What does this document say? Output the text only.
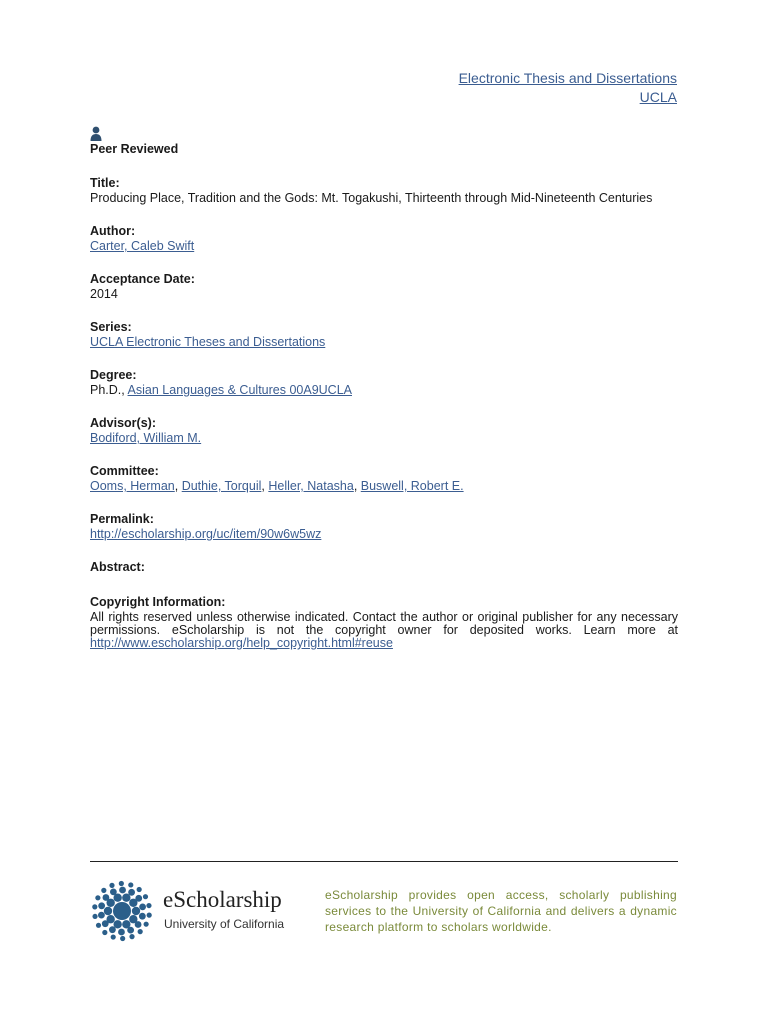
Electronic Thesis and Dissertations
UCLA
Peer Reviewed
Title:
Producing Place, Tradition and the Gods: Mt. Togakushi, Thirteenth through Mid-Nineteenth Centuries
Author:
Carter, Caleb Swift
Acceptance Date:
2014
Series:
UCLA Electronic Theses and Dissertations
Degree:
Ph.D., Asian Languages & Cultures 00A9UCLA
Advisor(s):
Bodiford, William M.
Committee:
Ooms, Herman, Duthie, Torquil, Heller, Natasha, Buswell, Robert E.
Permalink:
http://escholarship.org/uc/item/90w6w5wz
Abstract:
Copyright Information:
All rights reserved unless otherwise indicated. Contact the author or original publisher for any necessary permissions. eScholarship is not the copyright owner for deposited works. Learn more at http://www.escholarship.org/help_copyright.html#reuse
eScholarship
University of California
eScholarship provides open access, scholarly publishing services to the University of California and delivers a dynamic research platform to scholars worldwide.
